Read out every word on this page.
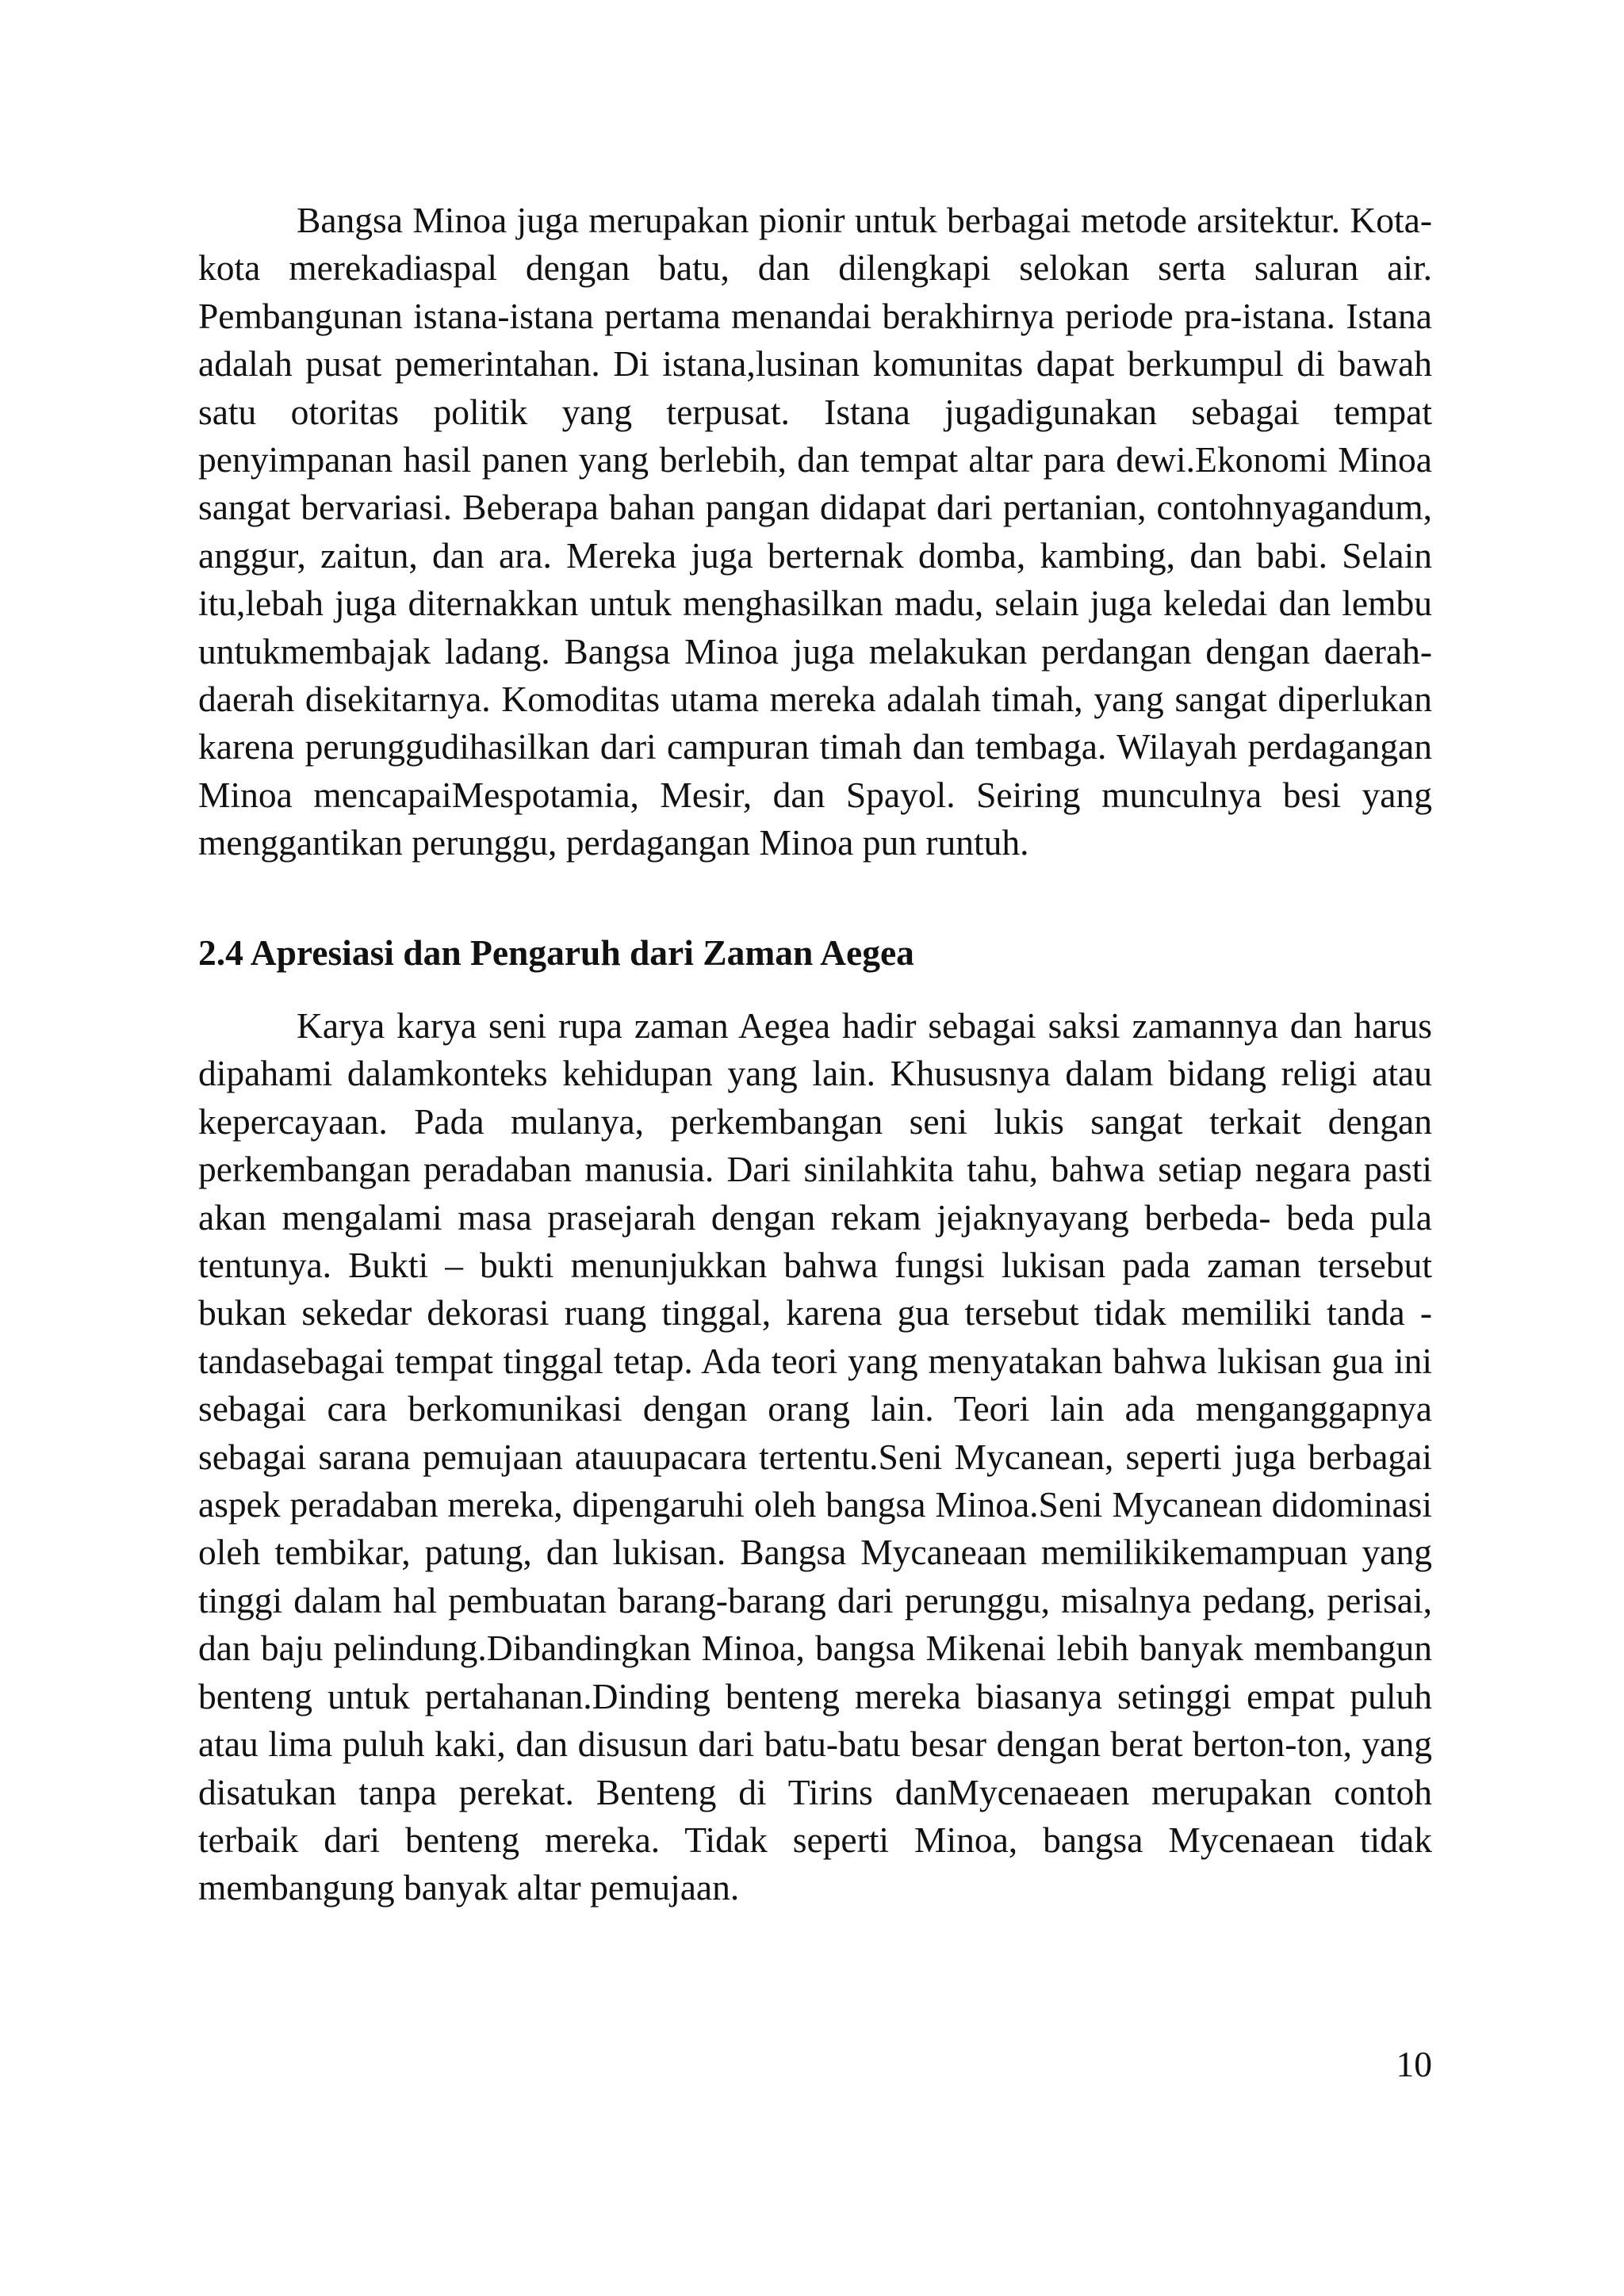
Bangsa Minoa juga merupakan pionir untuk berbagai metode arsitektur. Kota-kota merekadiaspal dengan batu, dan dilengkapi selokan serta saluran air. Pembangunan istana-istana pertama menandai berakhirnya periode pra-istana. Istana adalah pusat pemerintahan. Di istana,lusinan komunitas dapat berkumpul di bawah satu otoritas politik yang terpusat. Istana jugadigunakan sebagai tempat penyimpanan hasil panen yang berlebih, dan tempat altar para dewi.Ekonomi Minoa sangat bervariasi. Beberapa bahan pangan didapat dari pertanian, contohnyagandum, anggur, zaitun, dan ara. Mereka juga berternak domba, kambing, dan babi. Selain itu,lebah juga diternakkan untuk menghasilkan madu, selain juga keledai dan lembu untukmembajak ladang. Bangsa Minoa juga melakukan perdangan dengan daerah-daerah disekitarnya. Komoditas utama mereka adalah timah, yang sangat diperlukan karena perunggudihasilkan dari campuran timah dan tembaga. Wilayah perdagangan Minoa mencapaiMespotamia, Mesir, dan Spayol. Seiring munculnya besi yang menggantikan perunggu, perdagangan Minoa pun runtuh.

2.4 Apresiasi dan Pengaruh dari Zaman Aegea

Karya karya seni rupa zaman Aegea hadir sebagai saksi zamannya dan harus dipahami dalamkonteks kehidupan yang lain. Khususnya dalam bidang religi atau kepercayaan. Pada mulanya, perkembangan seni lukis sangat terkait dengan perkembangan peradaban manusia. Dari sinilahkita tahu, bahwa setiap negara pasti akan mengalami masa prasejarah dengan rekam jejaknyayang berbeda- beda pula tentunya. Bukti – bukti menunjukkan bahwa fungsi lukisan pada zaman tersebut bukan sekedar dekorasi ruang tinggal, karena gua tersebut tidak memiliki tanda - tandasebagai tempat tinggal tetap. Ada teori yang menyatakan bahwa lukisan gua ini sebagai cara berkomunikasi dengan orang lain. Teori lain ada menganggapnya sebagai sarana pemujaan atauupacara tertentu.Seni Mycanean, seperti juga berbagai aspek peradaban mereka, dipengaruhi oleh bangsa Minoa.Seni Mycanean didominasi oleh tembikar, patung, dan lukisan. Bangsa Mycaneaan memilikikemampuan yang tinggi dalam hal pembuatan barang-barang dari perunggu, misalnya pedang, perisai, dan baju pelindung.Dibandingkan Minoa, bangsa Mikenai lebih banyak membangun benteng untuk pertahanan.Dinding benteng mereka biasanya setinggi empat puluh atau lima puluh kaki, dan disusun dari batu-batu besar dengan berat berton-ton, yang disatukan tanpa perekat. Benteng di Tirins danMycenaeaen merupakan contoh terbaik dari benteng mereka. Tidak seperti Minoa, bangsa Mycenaean tidak membangung banyak altar pemujaan.

10
